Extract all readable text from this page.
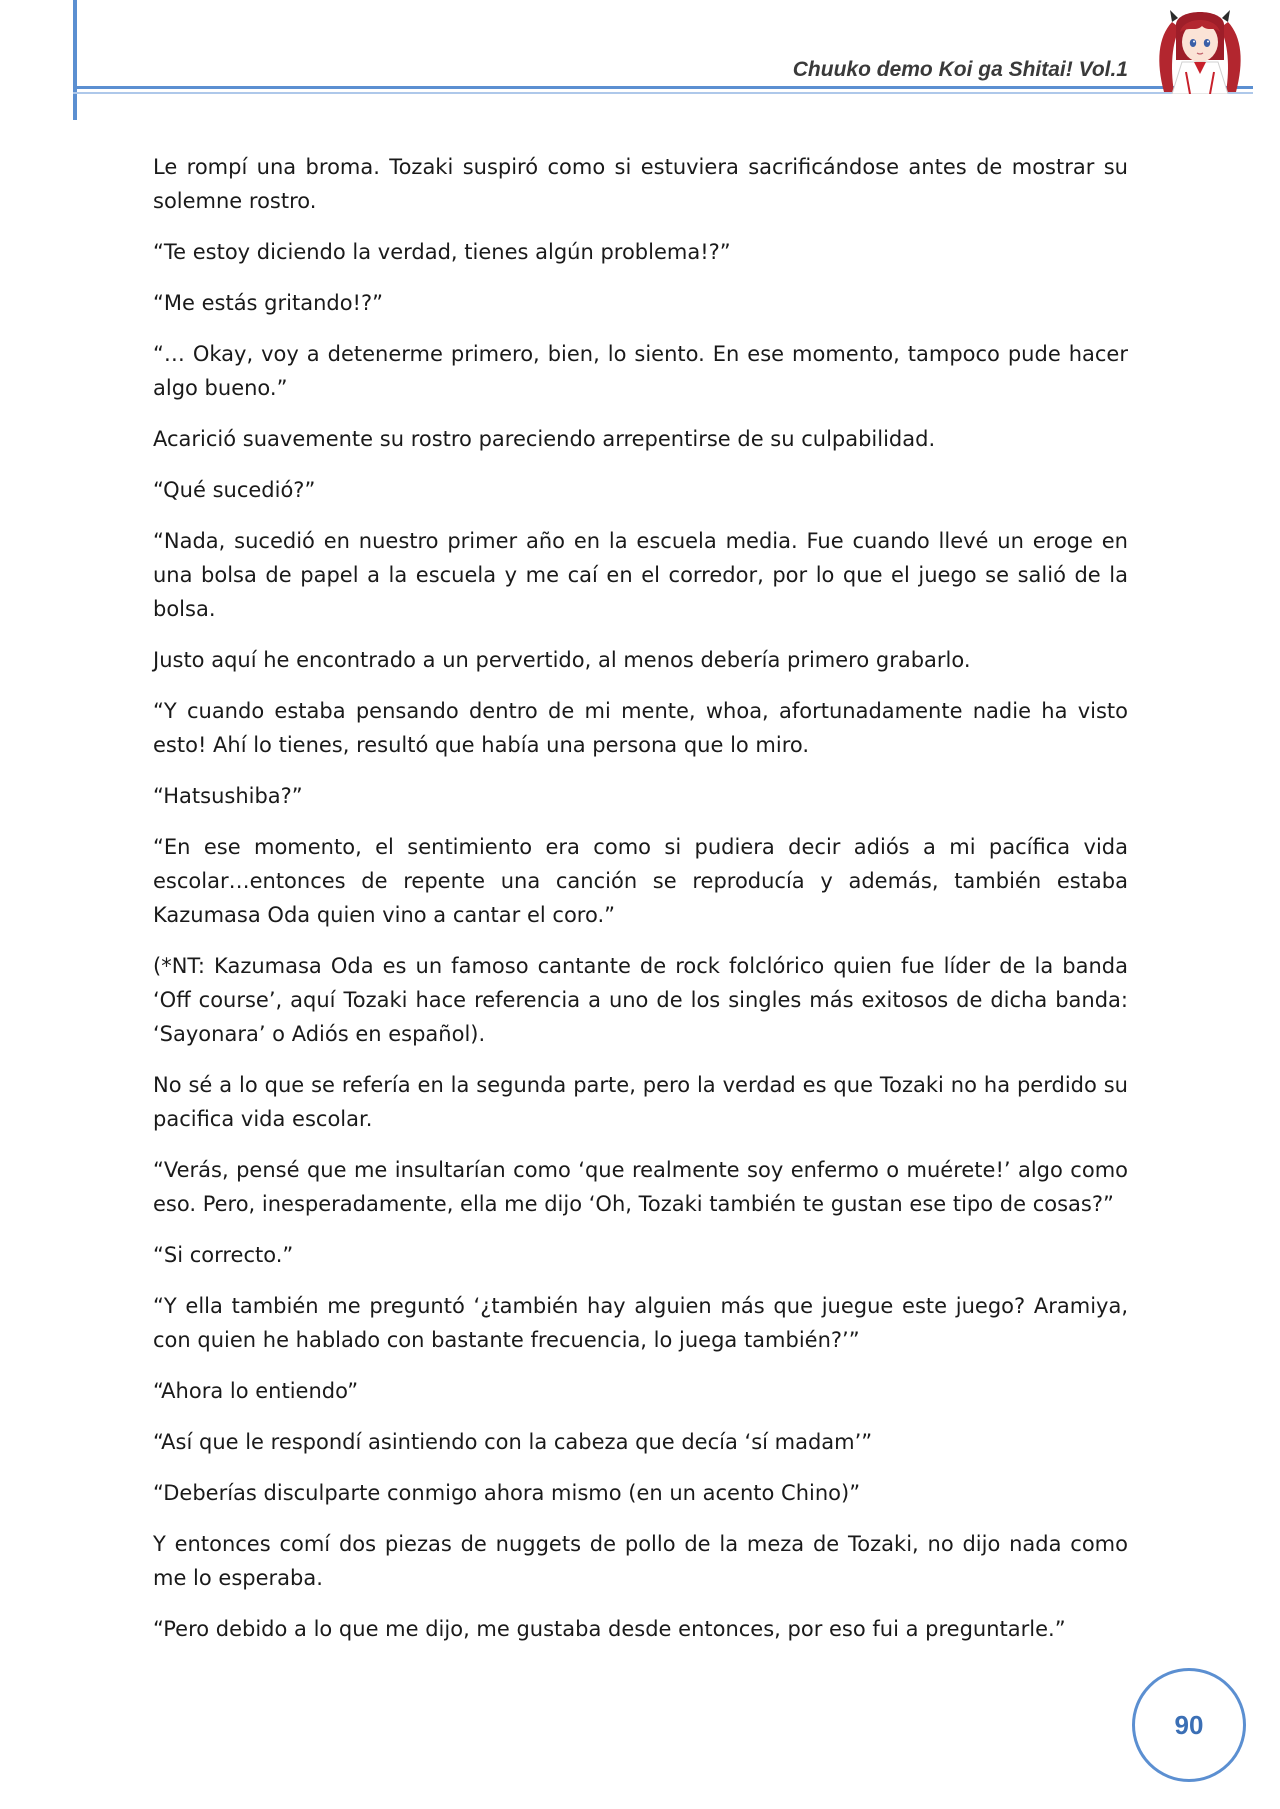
Chuuko demo Koi ga Shitai! Vol.1

Le rompí una broma. Tozaki suspiró como si estuviera sacrificándose antes de mostrar su solemne rostro.

“Te estoy diciendo la verdad, tienes algún problema!?”

“Me estás gritando!?”

“… Okay, voy a detenerme primero, bien, lo siento. En ese momento, tampoco pude hacer algo bueno.”

Acarició suavemente su rostro pareciendo arrepentirse de su culpabilidad.

“Qué sucedió?”

“Nada, sucedió en nuestro primer año en la escuela media. Fue cuando llevé un eroge en una bolsa de papel a la escuela y me caí en el corredor, por lo que el juego se salió de la bolsa.

Justo aquí he encontrado a un pervertido, al menos debería primero grabarlo.

“Y cuando estaba pensando dentro de mi mente, whoa, afortunadamente nadie ha visto esto! Ahí lo tienes, resultó que había una persona que lo miro.

“Hatsushiba?”

“En ese momento, el sentimiento era como si pudiera decir adiós a mi pacífica vida escolar…entonces de repente una canción se reproducía y además, también estaba Kazumasa Oda quien vino a cantar el coro.”

(*NT: Kazumasa Oda es un famoso cantante de rock folclórico quien fue líder de la banda ‘Off course’, aquí Tozaki hace referencia a uno de los singles más exitosos de dicha banda: ‘Sayonara’ o Adiós en español).

No sé a lo que se refería en la segunda parte, pero la verdad es que Tozaki no ha perdido su pacifica vida escolar.

“Verás, pensé que me insultarían como ‘que realmente soy enfermo o muérete!’ algo como eso. Pero, inesperadamente, ella me dijo ‘Oh, Tozaki también te gustan ese tipo de cosas?”

“Si correcto.”

“Y ella también me preguntó ‘¿también hay alguien más que juegue este juego? Aramiya, con quien he hablado con bastante frecuencia, lo juega también?’”

“Ahora lo entiendo”

“Así que le respondí asintiendo con la cabeza que decía ‘sí madam’”

“Deberías disculparte conmigo ahora mismo (en un acento Chino)”

Y entonces comí dos piezas de nuggets de pollo de la meza de Tozaki, no dijo nada como me lo esperaba.

“Pero debido a lo que me dijo, me gustaba desde entonces, por eso fui a preguntarle.”

90
